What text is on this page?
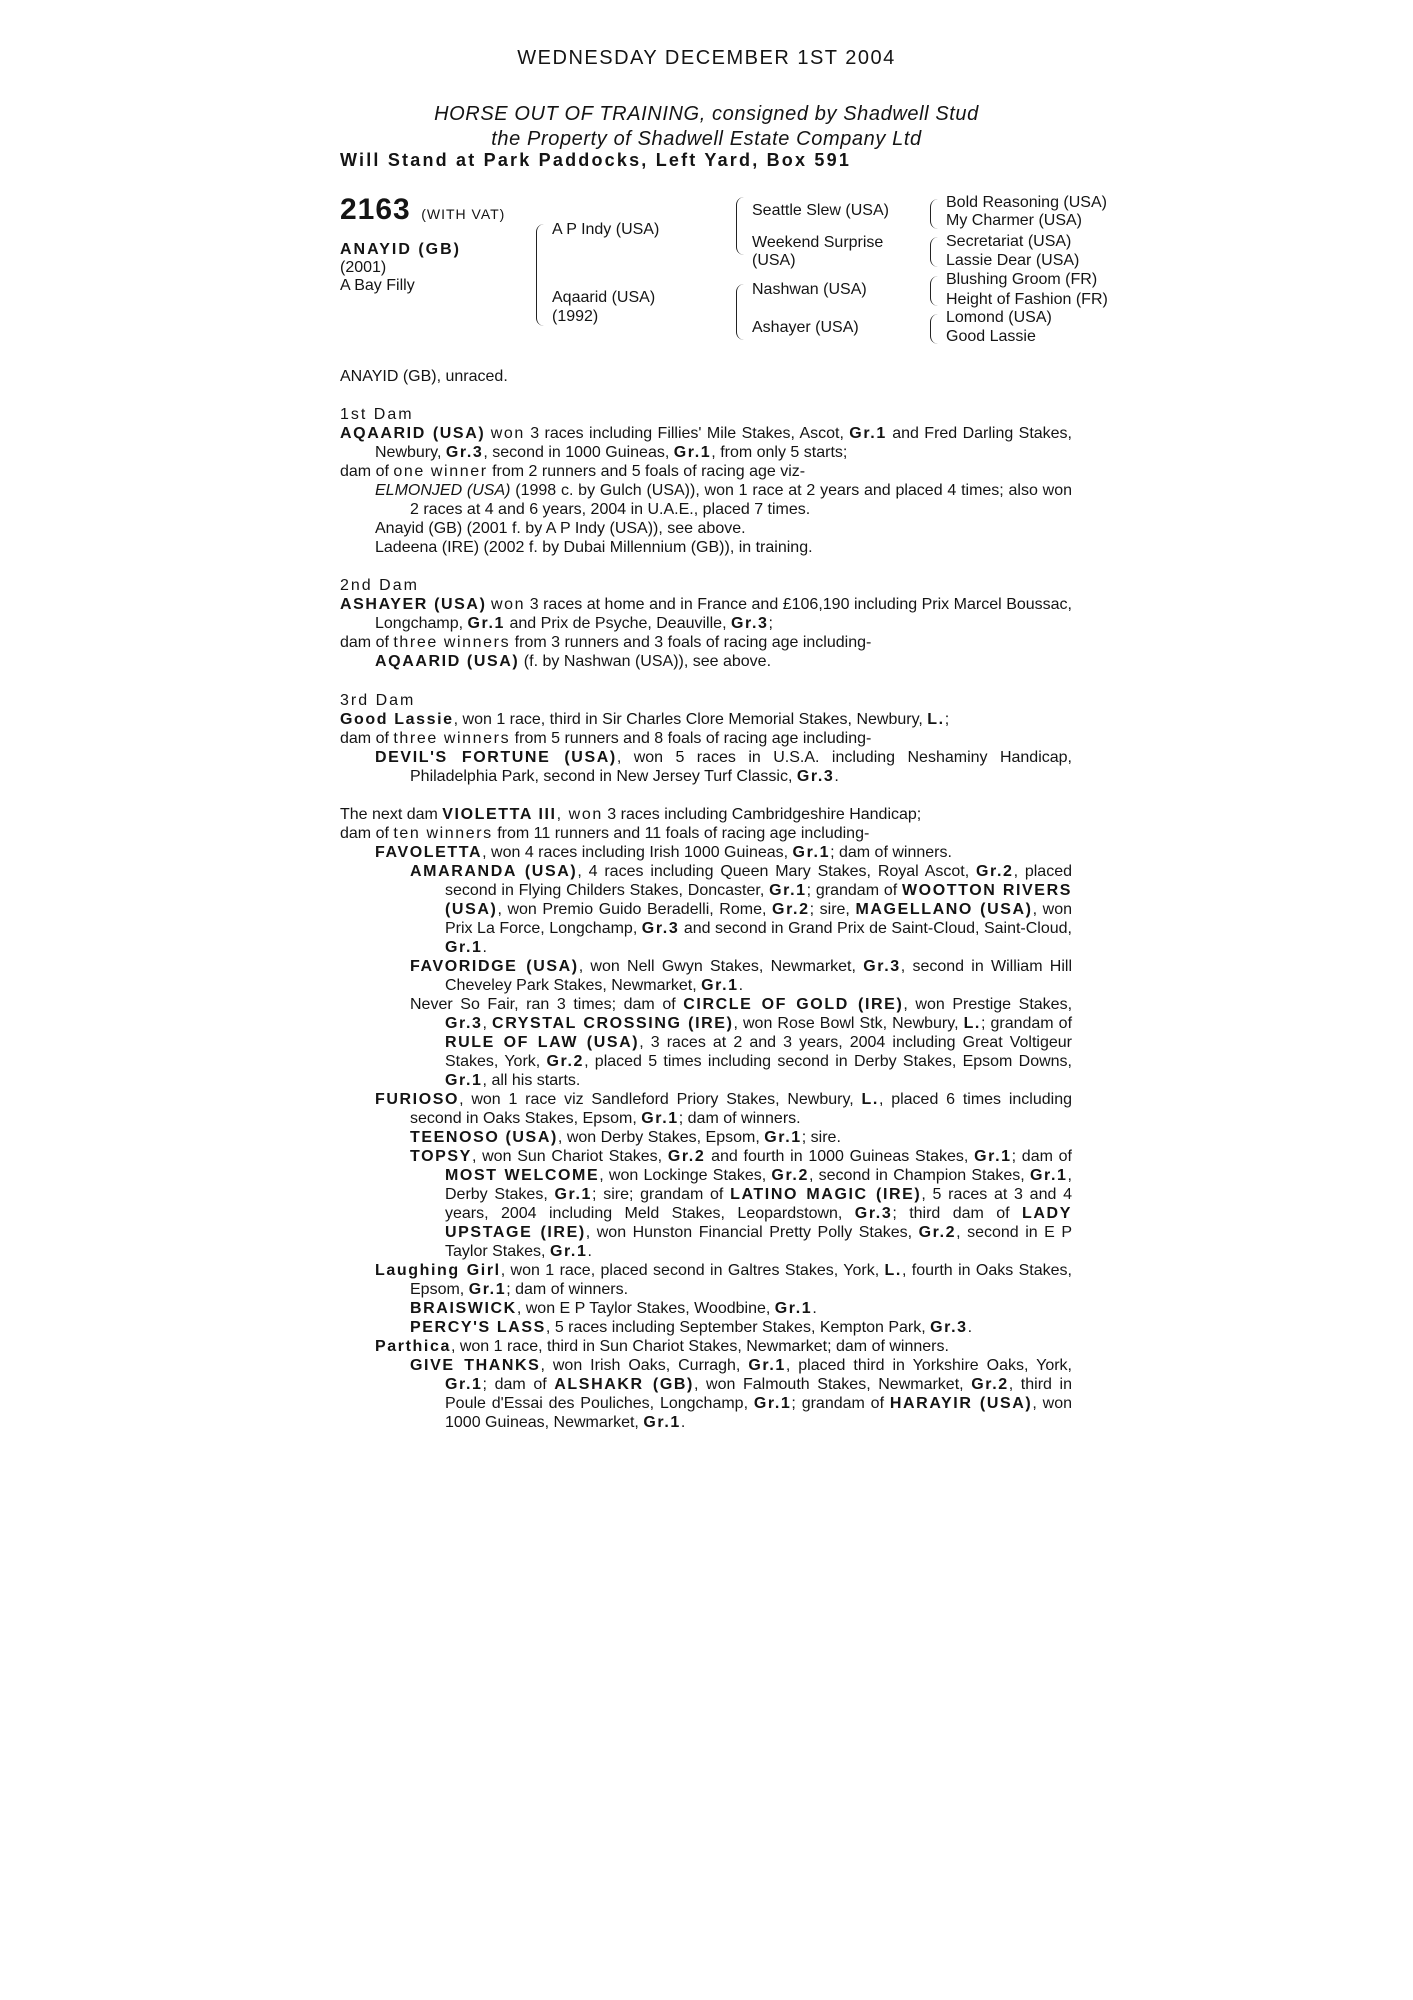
WEDNESDAY DECEMBER 1ST 2004
HORSE OUT OF TRAINING, consigned by Shadwell Stud
the Property of Shadwell Estate Company Ltd
Will Stand at Park Paddocks, Left Yard, Box 591
2163 (WITH VAT)
ANAYID (GB)
(2001)
A Bay Filly
A P Indy (USA)
Aqaarid (USA)
(1992)
Seattle Slew (USA)
Weekend Surprise
(USA)
Nashwan (USA)
Ashayer (USA)
Bold Reasoning (USA)
My Charmer (USA)
Secretariat (USA)
Lassie Dear (USA)
Blushing Groom (FR)
Height of Fashion (FR)
Lomond (USA)
Good Lassie
ANAYID (GB), unraced.

1st Dam

AQAARID (USA) won 3 races including Fillies' Mile Stakes, Ascot, Gr.1 and Fred Darling Stakes, Newbury, Gr.3, second in 1000 Guineas, Gr.1, from only 5 starts;

dam of one winner from 2 runners and 5 foals of racing age viz-

ELMONJED (USA) (1998 c. by Gulch (USA)), won 1 race at 2 years and placed 4 times; also won 2 races at 4 and 6 years, 2004 in U.A.E., placed 7 times.

Anayid (GB) (2001 f. by A P Indy (USA)), see above.

Ladeena (IRE) (2002 f. by Dubai Millennium (GB)), in training.

2nd Dam

ASHAYER (USA) won 3 races at home and in France and £106,190 including Prix Marcel Boussac, Longchamp, Gr.1 and Prix de Psyche, Deauville, Gr.3;

dam of three winners from 3 runners and 3 foals of racing age including-

AQAARID (USA) (f. by Nashwan (USA)), see above.

3rd Dam

Good Lassie, won 1 race, third in Sir Charles Clore Memorial Stakes, Newbury, L.;

dam of three winners from 5 runners and 8 foals of racing age including-

DEVIL'S FORTUNE (USA), won 5 races in U.S.A. including Neshaminy Handicap, Philadelphia Park, second in New Jersey Turf Classic, Gr.3.

The next dam VIOLETTA III, won 3 races including Cambridgeshire Handicap;

dam of ten winners from 11 runners and 11 foals of racing age including-

FAVOLETTA, won 4 races including Irish 1000 Guineas, Gr.1; dam of winners.

AMARANDA (USA), 4 races including Queen Mary Stakes, Royal Ascot, Gr.2, placed second in Flying Childers Stakes, Doncaster, Gr.1; grandam of WOOTTON RIVERS (USA), won Premio Guido Beradelli, Rome, Gr.2; sire, MAGELLANO (USA), won Prix La Force, Longchamp, Gr.3 and second in Grand Prix de Saint-Cloud, Saint-Cloud, Gr.1.

FAVORIDGE (USA), won Nell Gwyn Stakes, Newmarket, Gr.3, second in William Hill Cheveley Park Stakes, Newmarket, Gr.1.

Never So Fair, ran 3 times; dam of CIRCLE OF GOLD (IRE), won Prestige Stakes, Gr.3, CRYSTAL CROSSING (IRE), won Rose Bowl Stk, Newbury, L.; grandam of RULE OF LAW (USA), 3 races at 2 and 3 years, 2004 including Great Voltigeur Stakes, York, Gr.2, placed 5 times including second in Derby Stakes, Epsom Downs, Gr.1, all his starts.

FURIOSO, won 1 race viz Sandleford Priory Stakes, Newbury, L., placed 6 times including second in Oaks Stakes, Epsom, Gr.1; dam of winners.

TEENOSO (USA), won Derby Stakes, Epsom, Gr.1; sire.

TOPSY, won Sun Chariot Stakes, Gr.2 and fourth in 1000 Guineas Stakes, Gr.1; dam of MOST WELCOME, won Lockinge Stakes, Gr.2, second in Champion Stakes, Gr.1, Derby Stakes, Gr.1; sire; grandam of LATINO MAGIC (IRE), 5 races at 3 and 4 years, 2004 including Meld Stakes, Leopardstown, Gr.3; third dam of LADY UPSTAGE (IRE), won Hunston Financial Pretty Polly Stakes, Gr.2, second in E P Taylor Stakes, Gr.1.

Laughing Girl, won 1 race, placed second in Galtres Stakes, York, L., fourth in Oaks Stakes, Epsom, Gr.1; dam of winners.

BRAISWICK, won E P Taylor Stakes, Woodbine, Gr.1.

PERCY'S LASS, 5 races including September Stakes, Kempton Park, Gr.3.

Parthica, won 1 race, third in Sun Chariot Stakes, Newmarket; dam of winners.

GIVE THANKS, won Irish Oaks, Curragh, Gr.1, placed third in Yorkshire Oaks, York, Gr.1; dam of ALSHAKR (GB), won Falmouth Stakes, Newmarket, Gr.2, third in Poule d'Essai des Pouliches, Longchamp, Gr.1; grandam of HARAYIR (USA), won 1000 Guineas, Newmarket, Gr.1.
